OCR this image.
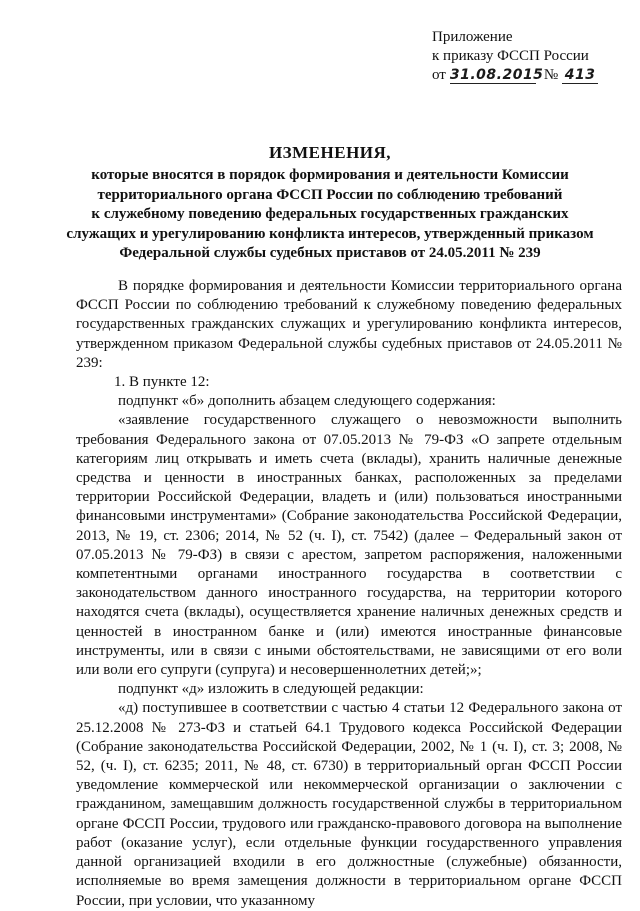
Приложение
к приказу ФССП России
от 31.08.2015№ 413
ИЗМЕНЕНИЯ,
которые вносятся в порядок формирования и деятельности Комиссии
территориального органа ФССП России по соблюдению требований
к служебному поведению федеральных государственных гражданских
служащих и урегулированию конфликта интересов, утвержденный приказом
Федеральной службы судебных приставов от 24.05.2011 № 239

В порядке формирования и деятельности Комиссии территориального органа ФССП России по соблюдению требований к служебному поведению федеральных государственных гражданских служащих и урегулированию конфликта интересов, утвержденном приказом Федеральной службы судебных приставов от 24.05.2011 № 239:

1. В пункте 12:

подпункт «б» дополнить абзацем следующего содержания:

«заявление государственного служащего о невозможности выполнить требования Федерального закона от 07.05.2013 № 79-ФЗ «О запрете отдельным категориям лиц открывать и иметь счета (вклады), хранить наличные денежные средства и ценности в иностранных банках, расположенных за пределами территории Российской Федерации, владеть и (или) пользоваться иностранными финансовыми инструментами» (Собрание законодательства Российской Федерации, 2013, № 19, ст. 2306; 2014, № 52 (ч. I), ст. 7542) (далее – Федеральный закон от 07.05.2013 № 79-ФЗ) в связи с арестом, запретом распоряжения, наложенными компетентными органами иностранного государства в соответствии с законодательством данного иностранного государства, на территории которого находятся счета (вклады), осуществляется хранение наличных денежных средств и ценностей в иностранном банке и (или) имеются иностранные финансовые инструменты, или в связи с иными обстоятельствами, не зависящими от его воли или воли его супруги (супруга) и несовершеннолетних детей;»;

подпункт «д» изложить в следующей редакции:

«д) поступившее в соответствии с частью 4 статьи 12 Федерального закона от 25.12.2008 № 273-ФЗ и статьей 64.1 Трудового кодекса Российской Федерации (Собрание законодательства Российской Федерации, 2002, № 1 (ч. I), ст. 3; 2008, № 52, (ч. I), ст. 6235; 2011, № 48, ст. 6730) в территориальный орган ФССП России уведомление коммерческой или некоммерческой организации о заключении с гражданином, замещавшим должность государственной службы в территориальном органе ФССП России, трудового или гражданско-правового договора на выполнение работ (оказание услуг), если отдельные функции государственного управления данной организацией входили в его должностные (служебные) обязанности, исполняемые во время замещения должности в территориальном органе ФССП России, при условии, что указанному
